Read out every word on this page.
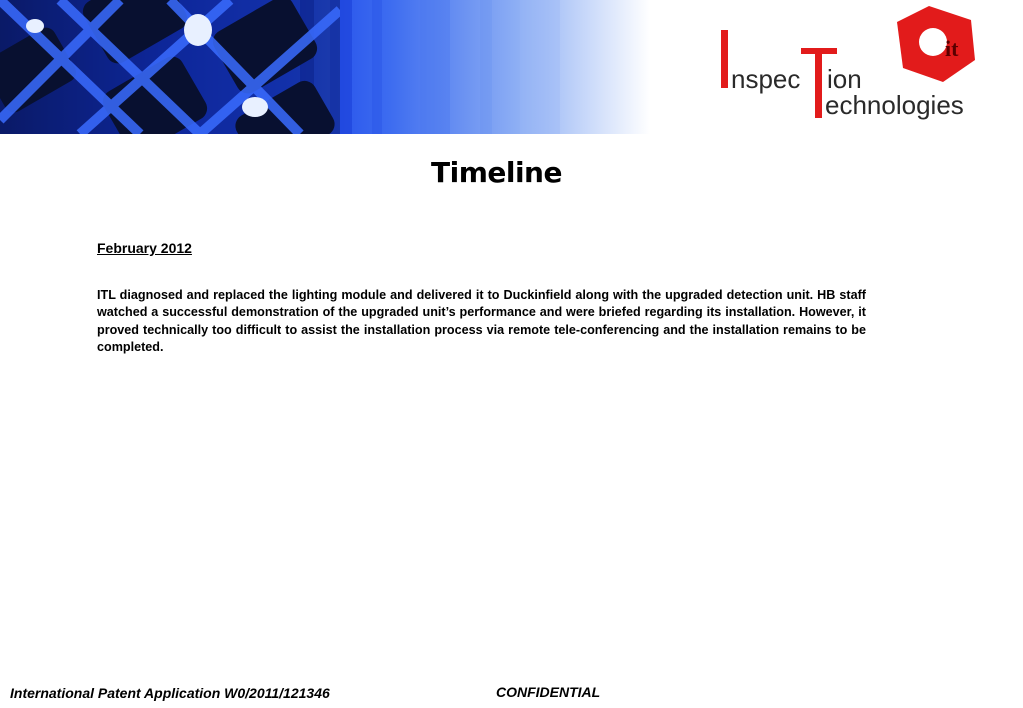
nspec ion
echnologies
it
Timeline
February 2012
ITL diagnosed and replaced the lighting module and delivered it to Duckinfield along with the upgraded detection unit. HB staff watched a successful demonstration of the upgraded unit’s performance and were briefed regarding its installation. However, it proved technically too difficult to assist the installation process via remote tele-conferencing and the installation remains to be completed.
International Patent Application W0/2011/121346	CONFIDENTIAL
